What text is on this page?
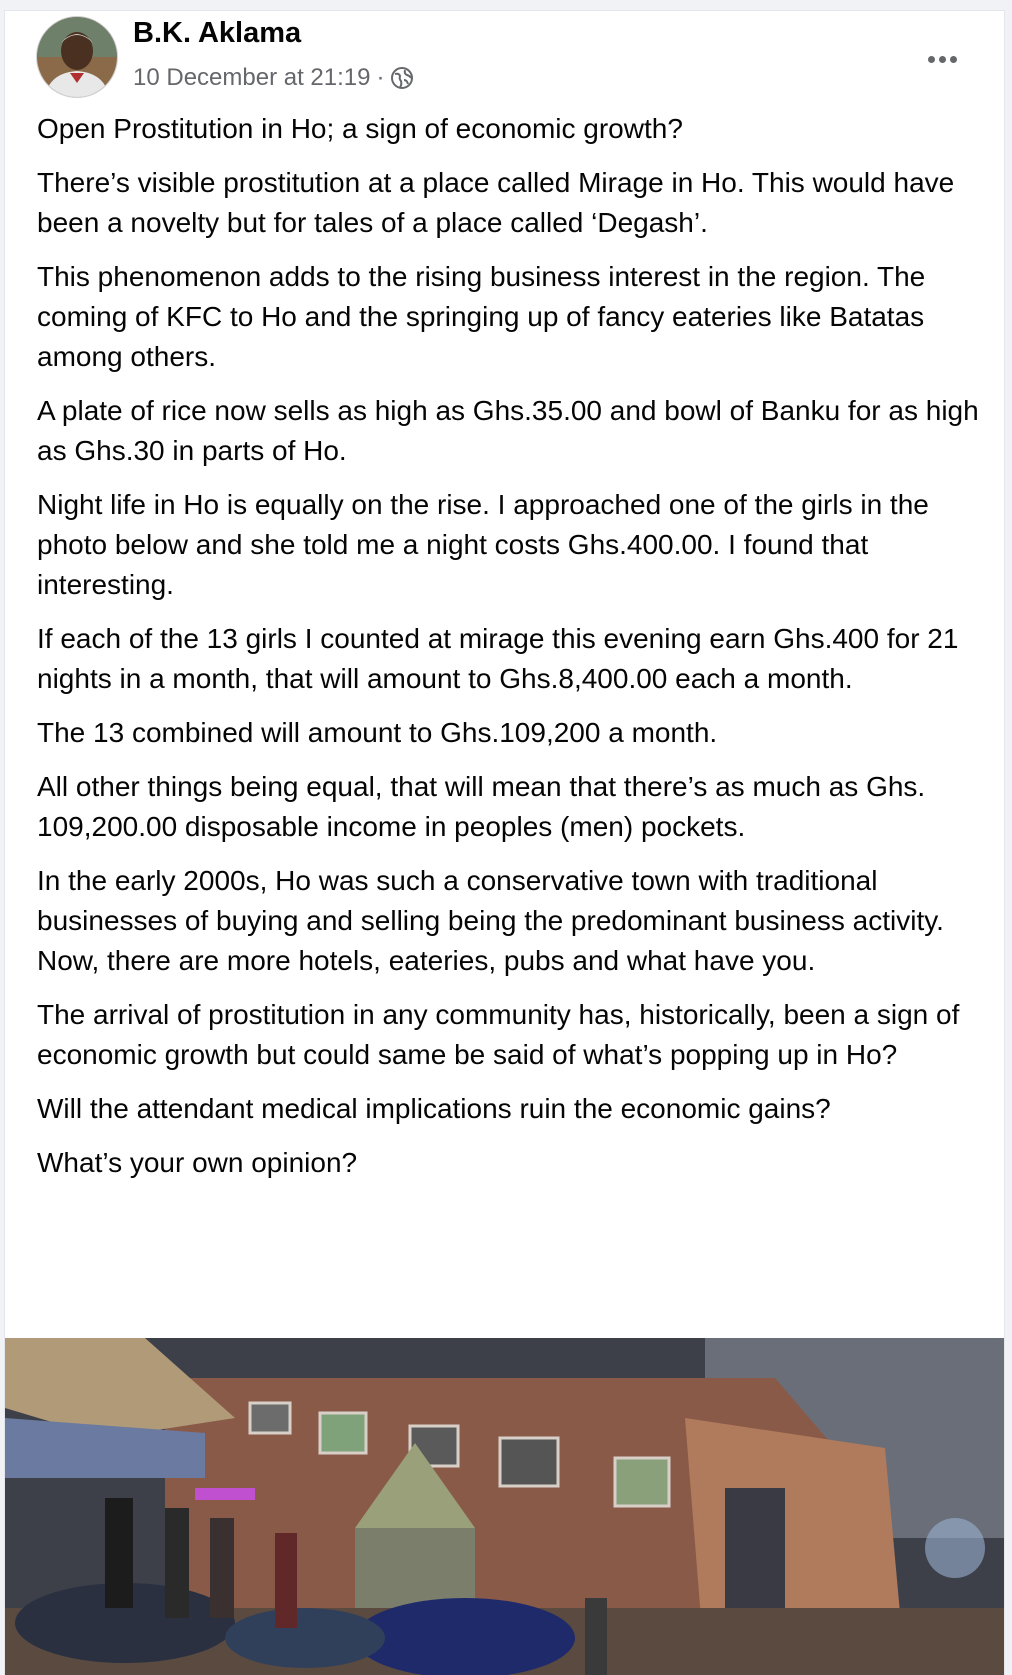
B.K. Aklama
10 December at 21:19 ·

Open Prostitution in Ho; a sign of economic growth?

There’s visible prostitution at a place called Mirage in Ho. This would have been a novelty but for tales of a place called ‘Degash’.

This phenomenon adds to the rising business interest in the region. The coming of KFC to Ho and the springing up of fancy eateries like Batatas among others.

A plate of rice now sells as high as Ghs.35.00 and bowl of Banku for as high as Ghs.30 in parts of Ho.

Night life in Ho is equally on the rise. I approached one of the girls in the photo below and she told me a night costs Ghs.400.00. I found that interesting.

If each of the 13 girls I counted at mirage this evening earn Ghs.400 for 21 nights in a month, that will amount to Ghs.8,400.00 each a month.

The 13 combined will amount to Ghs.109,200 a month.

All other things being equal, that will mean that there’s as much as Ghs. 109,200.00 disposable income in peoples (men) pockets.

In the early 2000s, Ho was such a conservative town with traditional businesses of buying and selling being the predominant business activity. Now, there are more hotels, eateries, pubs and what have you.

The arrival of prostitution in any community has, historically, been a sign of economic growth but could same be said of what’s popping up in Ho?

Will the attendant medical implications ruin the economic gains?

What’s your own opinion?
